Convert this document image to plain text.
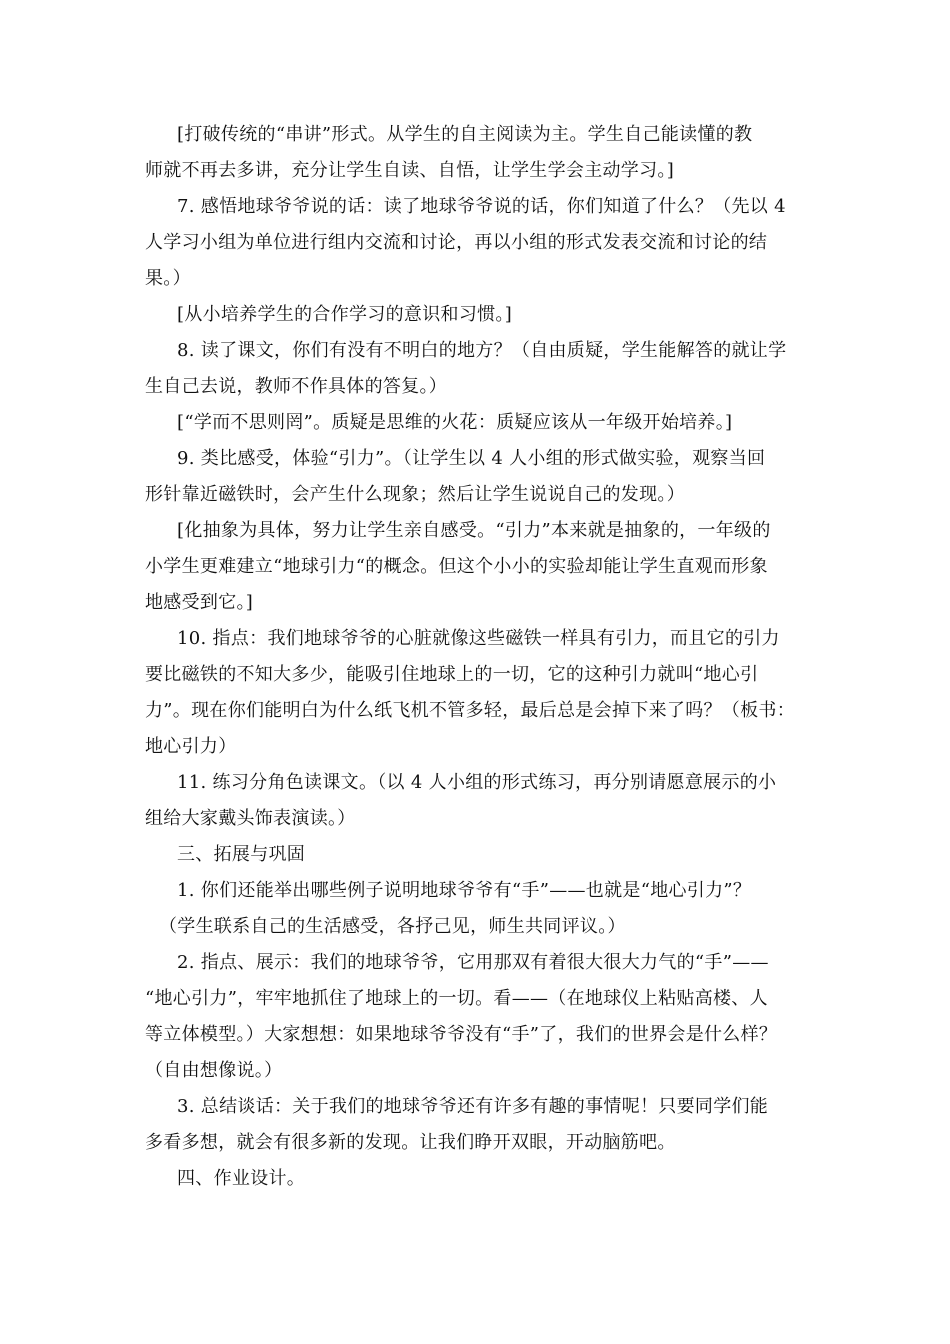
[打破传统的“串讲”形式。从学生的自主阅读为主。学生自己能读懂的教
师就不再去多讲，充分让学生自读、自悟，让学生学会主动学习。]

7. 感悟地球爷爷说的话：读了地球爷爷说的话，你们知道了什么？（先以 4
人学习小组为单位进行组内交流和讨论，再以小组的形式发表交流和讨论的结
果。）

[从小培养学生的合作学习的意识和习惯。]

8. 读了课文，你们有没有不明白的地方？（自由质疑，学生能解答的就让学
生自己去说，教师不作具体的答复。）

[“学而不思则罔”。质疑是思维的火花：质疑应该从一年级开始培养。]

9. 类比感受，体验“引力”。（让学生以 4 人小组的形式做实验，观察当回
形针靠近磁铁时，会产生什么现象；然后让学生说说自己的发现。）

[化抽象为具体，努力让学生亲自感受。“引力”本来就是抽象的，一年级的
小学生更难建立“地球引力“的概念。但这个小小的实验却能让学生直观而形象
地感受到它。]

10. 指点：我们地球爷爷的心脏就像这些磁铁一样具有引力，而且它的引力
要比磁铁的不知大多少，能吸引住地球上的一切，它的这种引力就叫“地心引
力”。现在你们能明白为什么纸飞机不管多轻，最后总是会掉下来了吗？（板书：
地心引力）

11. 练习分角色读课文。（以 4 人小组的形式练习，再分别请愿意展示的小
组给大家戴头饰表演读。）

三、拓展与巩固

1. 你们还能举出哪些例子说明地球爷爷有“手”——也就是“地心引力”？
（学生联系自己的生活感受，各抒己见，师生共同评议。）

2. 指点、展示：我们的地球爷爷，它用那双有着很大很大力气的“手”——
“地心引力”，牢牢地抓住了地球上的一切。看——（在地球仪上粘贴高楼、人
等立体模型。）大家想想：如果地球爷爷没有“手”了，我们的世界会是什么样？
（自由想像说。）

3. 总结谈话：关于我们的地球爷爷还有许多有趣的事情呢！只要同学们能
多看多想，就会有很多新的发现。让我们睁开双眼，开动脑筋吧。

四、作业设计。
